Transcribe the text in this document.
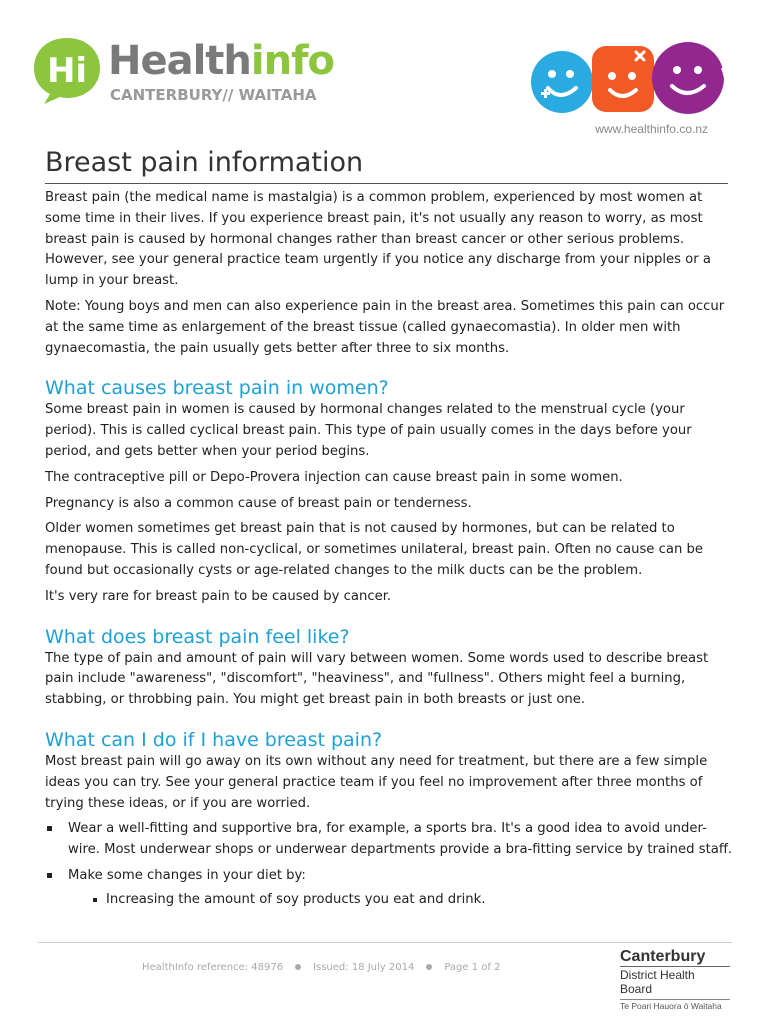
Hi Healthinfo
CANTERBURY// WAITAHA
www.healthinfo.co.nz
Breast pain information

Breast pain (the medical name is mastalgia) is a common problem, experienced by most women at some time in their lives. If you experience breast pain, it's not usually any reason to worry, as most breast pain is caused by hormonal changes rather than breast cancer or other serious problems. However, see your general practice team urgently if you notice any discharge from your nipples or a lump in your breast.

Note: Young boys and men can also experience pain in the breast area. Sometimes this pain can occur at the same time as enlargement of the breast tissue (called gynaecomastia). In older men with gynaecomastia, the pain usually gets better after three to six months.

What causes breast pain in women?

Some breast pain in women is caused by hormonal changes related to the menstrual cycle (your period). This is called cyclical breast pain. This type of pain usually comes in the days before your period, and gets better when your period begins.

The contraceptive pill or Depo-Provera injection can cause breast pain in some women.

Pregnancy is also a common cause of breast pain or tenderness.

Older women sometimes get breast pain that is not caused by hormones, but can be related to menopause. This is called non-cyclical, or sometimes unilateral, breast pain. Often no cause can be found but occasionally cysts or age-related changes to the milk ducts can be the problem.

It's very rare for breast pain to be caused by cancer.

What does breast pain feel like?

The type of pain and amount of pain will vary between women. Some words used to describe breast pain include "awareness", "discomfort", "heaviness", and "fullness". Others might feel a burning, stabbing, or throbbing pain. You might get breast pain in both breasts or just one.

What can I do if I have breast pain?

Most breast pain will go away on its own without any need for treatment, but there are a few simple ideas you can try. See your general practice team if you feel no improvement after three months of trying these ideas, or if you are worried.

Wear a well-fitting and supportive bra, for example, a sports bra. It's a good idea to avoid under-wire. Most underwear shops or underwear departments provide a bra-fitting service by trained staff.
Make some changes in your diet by:
Increasing the amount of soy products you eat and drink.
HealthInfo reference: 48976	Issued: 18 July 2014	Page 1 of 2
Canterbury
District Health Board
Te Poari Hauora ō Waitaha
